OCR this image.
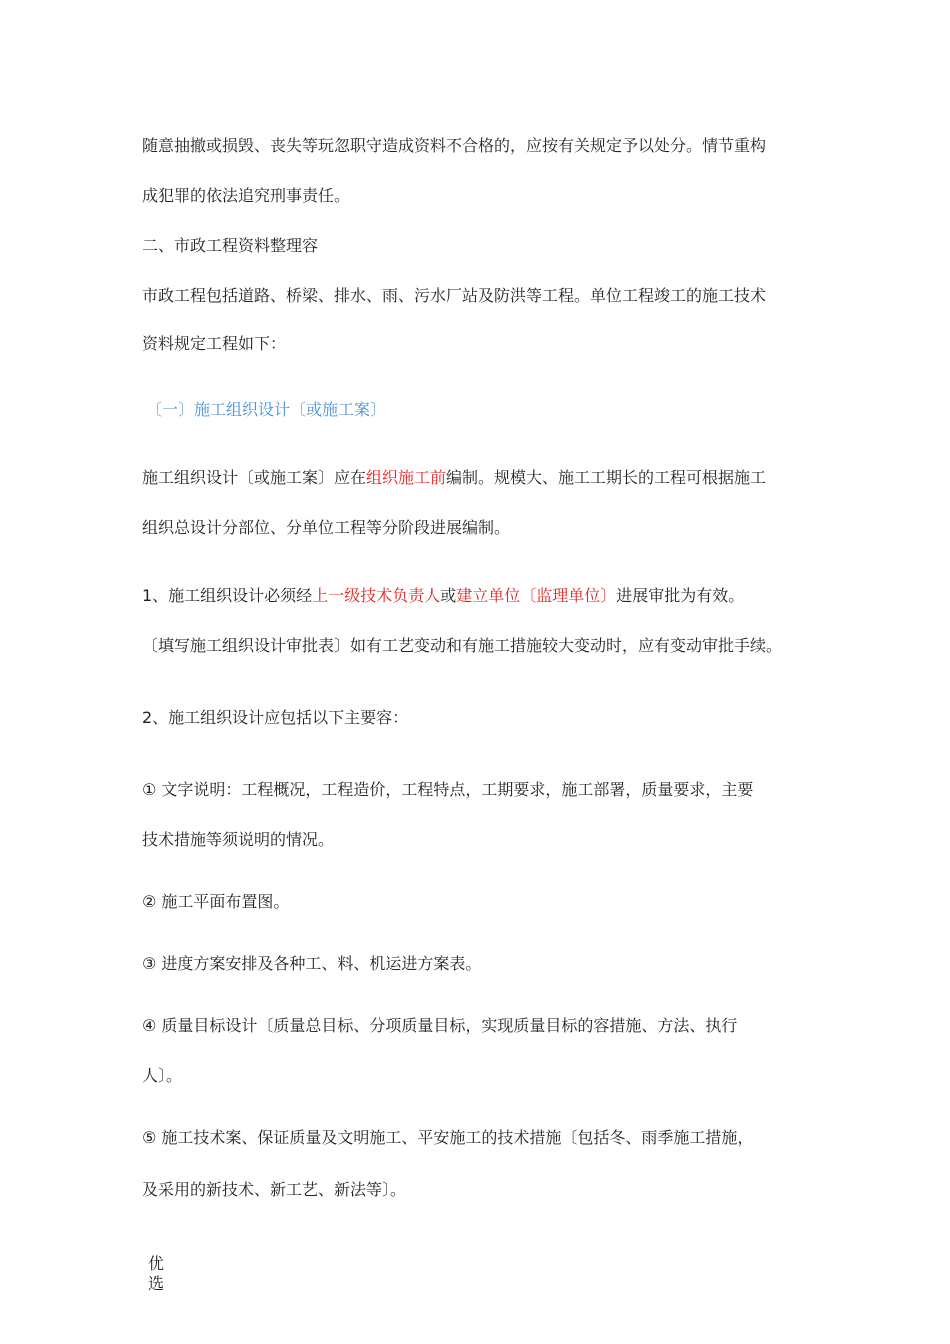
随意抽撤或损毁、丧失等玩忽职守造成资料不合格的，应按有关规定予以处分。情节重构
成犯罪的依法追究刑事责任。
二、市政工程资料整理容
市政工程包括道路、桥梁、排水、雨、污水厂站及防洪等工程。单位工程竣工的施工技术
资料规定工程如下：
〔一〕施工组织设计〔或施工案〕
施工组织设计〔或施工案〕应在组织施工前编制。规模大、施工工期长的工程可根据施工
组织总设计分部位、分单位工程等分阶段进展编制。
1、施工组织设计必须经上一级技术负责人或建立单位〔监理单位〕进展审批为有效。
〔填写施工组织设计审批表〕如有工艺变动和有施工措施较大变动时，应有变动审批手续。
2、施工组织设计应包括以下主要容：
① 文字说明：工程概况，工程造价，工程特点，工期要求，施工部署，质量要求，主要
技术措施等须说明的情况。
② 施工平面布置图。
③ 进度方案安排及各种工、料、机运进方案表。
④ 质量目标设计〔质量总目标、分项质量目标，实现质量目标的容措施、方法、执行
人〕。
⑤ 施工技术案、保证质量及文明施工、平安施工的技术措施〔包括冬、雨季施工措施，
及采用的新技术、新工艺、新法等〕。
优
选
